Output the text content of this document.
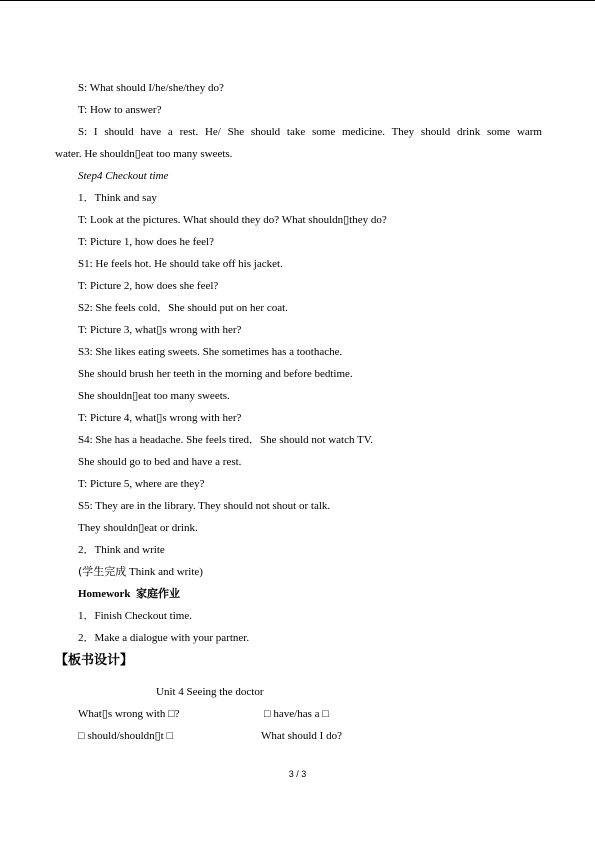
S: What should I/he/she/they do?
T: How to answer?
S: I should have a rest. He/ She should take some medicine. They should drink some warm
water. He shouldn▯eat too many sweets.
Step4 Checkout time
1．Think and say
T: Look at the pictures. What should they do? What shouldn▯they do?
T: Picture 1, how does he feel?
S1: He feels hot. He should take off his jacket.
T: Picture 2, how does she feel?
S2: She feels cold．She should put on her coat.
T: Picture 3, what▯s wrong with her?
S3: She likes eating sweets. She sometimes has a toothache.
She should brush her teeth in the morning and before bedtime.
She shouldn▯eat too many sweets.
T: Picture 4, what▯s wrong with her?
S4: She has a headache. She feels tired．She should not watch TV.
She should go to bed and have a rest.
T: Picture 5, where are they?
S5: They are in the library. They should not shout or talk.
They shouldn▯eat or drink.
2．Think and write
(学生完成 Think and write)
Homework 家庭作业
1．Finish Checkout time.
2．Make a dialogue with your partner.
【板书设计】
Unit 4 Seeing the doctor
What▯s wrong with □?	□ have/has a □
□ should/shouldn▯t □	What should I do?
3 / 3
